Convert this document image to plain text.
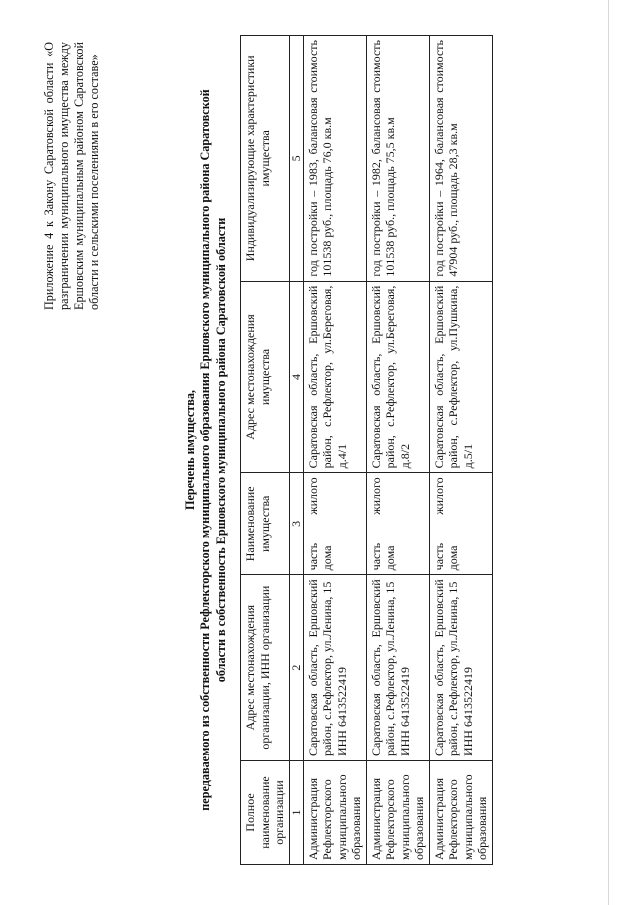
Приложение 4 к Закону Саратовской области «О разграничении муниципального имущества между Ершовским муниципальным районом Саратовской области и сельскими поселениями в его составе»
Перечень имущества, передаваемого из собственности Рефлекторского муниципального образования Ершовского муниципального района Саратовской области в собственность Ершовского муниципального района Саратовской области
Полное наименование организации	Адрес местонахождения организации, ИНН организации	Наименование имущества	Адрес местонахождения имущества	Индивидуализирующие характеристики имущества
1	2	3	4	5
Администрация Рефлекторского муниципального образования	Саратовская область, Ершовский район, с.Рефлектор, ул.Ленина, 15 ИНН 6413522419	часть жилого дома	Саратовская область, Ершовский район, с.Рефлектор, ул.Береговая, д.4/1	год постройки – 1983, балансовая стоимость 101538 руб., площадь 76,0 кв.м
Администрация Рефлекторского муниципального образования	Саратовская область, Ершовский район, с.Рефлектор, ул.Ленина, 15 ИНН 6413522419	часть жилого дома	Саратовская область, Ершовский район, с.Рефлектор, ул.Береговая, д.8/2	год постройки – 1982, балансовая стоимость 101538 руб., площадь 75,5 кв.м
Администрация Рефлекторского муниципального образования	Саратовская область, Ершовский район, с.Рефлектор, ул.Ленина, 15 ИНН 6413522419	часть жилого дома	Саратовская область, Ершовский район, с.Рефлектор, ул.Пушкина, д.5/1	год постройки – 1964, балансовая стоимость 47904 руб., площадь 28,3 кв.м
